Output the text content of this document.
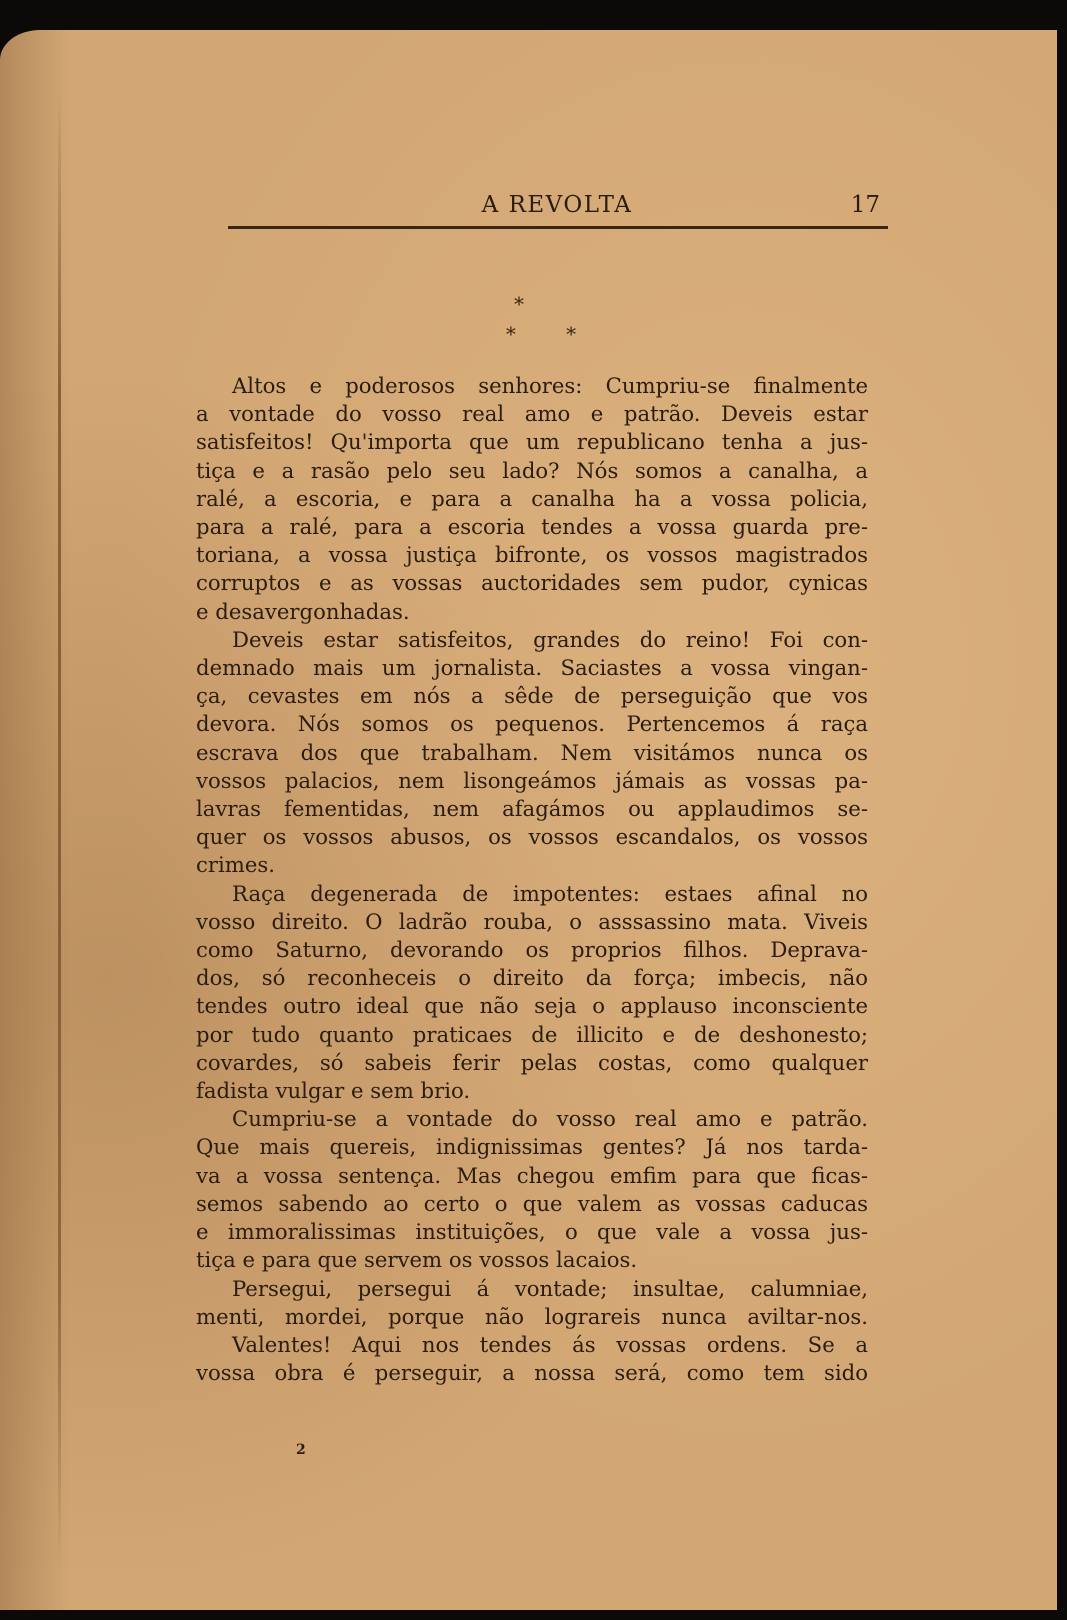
A REVOLTA	17
*
* *
Altos e poderosos senhores: Cumpriu-se finalmente
a vontade do vosso real amo e patrão. Deveis estar
satisfeitos! Qu'importa que um republicano tenha a jus-
tiça e a rasão pelo seu lado? Nós somos a canalha, a
ralé, a escoria, e para a canalha ha a vossa policia,
para a ralé, para a escoria tendes a vossa guarda pre-
toriana, a vossa justiça bifronte, os vossos magistrados
corruptos e as vossas auctoridades sem pudor, cynicas
e desavergonhadas.
Deveis estar satisfeitos, grandes do reino! Foi con-
demnado mais um jornalista. Saciastes a vossa vingan-
ça, cevastes em nós a sêde de perseguição que vos
devora. Nós somos os pequenos. Pertencemos á raça
escrava dos que trabalham. Nem visitámos nunca os
vossos palacios, nem lisongeámos jámais as vossas pa-
lavras fementidas, nem afagámos ou applaudimos se-
quer os vossos abusos, os vossos escandalos, os vossos
crimes.
Raça degenerada de impotentes: estaes afinal no
vosso direito. O ladrão rouba, o asssassino mata. Viveis
como Saturno, devorando os proprios filhos. Deprava-
dos, só reconheceis o direito da força; imbecis, não
tendes outro ideal que não seja o applauso inconsciente
por tudo quanto praticaes de illicito e de deshonesto;
covardes, só sabeis ferir pelas costas, como qualquer
fadista vulgar e sem brio.
Cumpriu-se a vontade do vosso real amo e patrão.
Que mais quereis, indignissimas gentes? Já nos tarda-
va a vossa sentença. Mas chegou emfim para que ficas-
semos sabendo ao certo o que valem as vossas caducas
e immoralissimas instituições, o que vale a vossa jus-
tiça e para que servem os vossos lacaios.
Persegui, persegui á vontade; insultae, calumniae,
menti, mordei, porque não lograreis nunca aviltar-nos.
Valentes! Aqui nos tendes ás vossas ordens. Se a
vossa obra é perseguir, a nossa será, como tem sido
2
